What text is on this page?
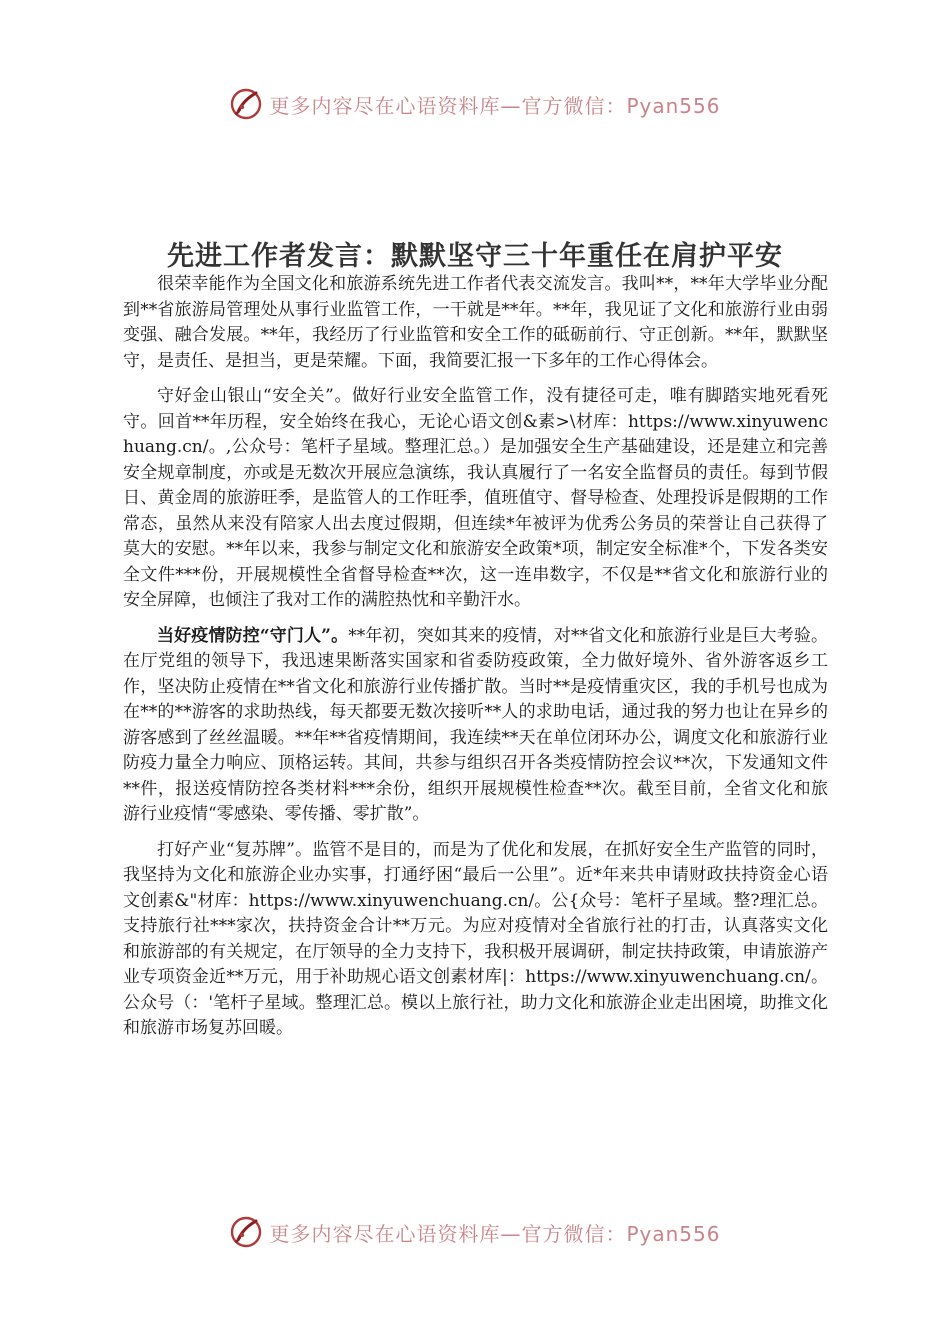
更多内容尽在心语资料库—官方微信：Pyan556
先进工作者发言：默默坚守三十年重任在肩护平安

很荣幸能作为全国文化和旅游系统先进工作者代表交流发言。我叫**，**年大学毕业分配到**省旅游局管理处从事行业监管工作，一干就是**年。**年，我见证了文化和旅游行业由弱变强、融合发展。**年，我经历了行业监管和安全工作的砥砺前行、守正创新。**年，默默坚守，是责任、是担当，更是荣耀。下面，我简要汇报一下多年的工作心得体会。

守好金山银山“安全关”。做好行业安全监管工作，没有捷径可走，唯有脚踏实地死看死守。回首**年历程，安全始终在我心，无论心语文创&素>\材库：https://www.xinyuwenchuang.cn/。,公众号：笔杆子星域。整理汇总。）是加强安全生产基础建设，还是建立和完善安全规章制度，亦或是无数次开展应急演练，我认真履行了一名安全监督员的责任。每到节假日、黄金周的旅游旺季，是监管人的工作旺季，值班值守、督导检查、处理投诉是假期的工作常态，虽然从来没有陪家人出去度过假期，但连续*年被评为优秀公务员的荣誉让自己获得了莫大的安慰。**年以来，我参与制定文化和旅游安全政策*项，制定安全标准*个，下发各类安全文件***份，开展规模性全省督导检查**次，这一连串数字，不仅是**省文化和旅游行业的安全屏障，也倾注了我对工作的满腔热忱和辛勤汗水。

当好疫情防控“守门人”。**年初，突如其来的疫情，对**省文化和旅游行业是巨大考验。在厅党组的领导下，我迅速果断落实国家和省委防疫政策，全力做好境外、省外游客返乡工作，坚决防止疫情在**省文化和旅游行业传播扩散。当时**是疫情重灾区，我的手机号也成为在**的**游客的求助热线，每天都要无数次接听**人的求助电话，通过我的努力也让在异乡的游客感到了丝丝温暖。**年**省疫情期间，我连续**天在单位闭环办公，调度文化和旅游行业防疫力量全力响应、顶格运转。其间，共参与组织召开各类疫情防控会议**次，下发通知文件**件，报送疫情防控各类材料***余份，组织开展规模性检查**次。截至目前，全省文化和旅游行业疫情“零感染、零传播、零扩散”。

打好产业“复苏牌”。监管不是目的，而是为了优化和发展，在抓好安全生产监管的同时，我坚持为文化和旅游企业办实事，打通纾困“最后一公里”。近*年来共申请财政扶持资金心语文创素&"材库：https://www.xinyuwenchuang.cn/。公{众号：笔杆子星域。整?理汇总。支持旅行社***家次，扶持资金合计**万元。为应对疫情对全省旅行社的打击，认真落实文化和旅游部的有关规定，在厅领导的全力支持下，我积极开展调研，制定扶持政策，申请旅游产业专项资金近**万元，用于补助规心语文创素材库|：https://www.xinyuwenchuang.cn/。公众号（：'笔杆子星域。整理汇总。模以上旅行社，助力文化和旅游企业走出困境，助推文化和旅游市场复苏回暖。

更多内容尽在心语资料库—官方微信：Pyan556
